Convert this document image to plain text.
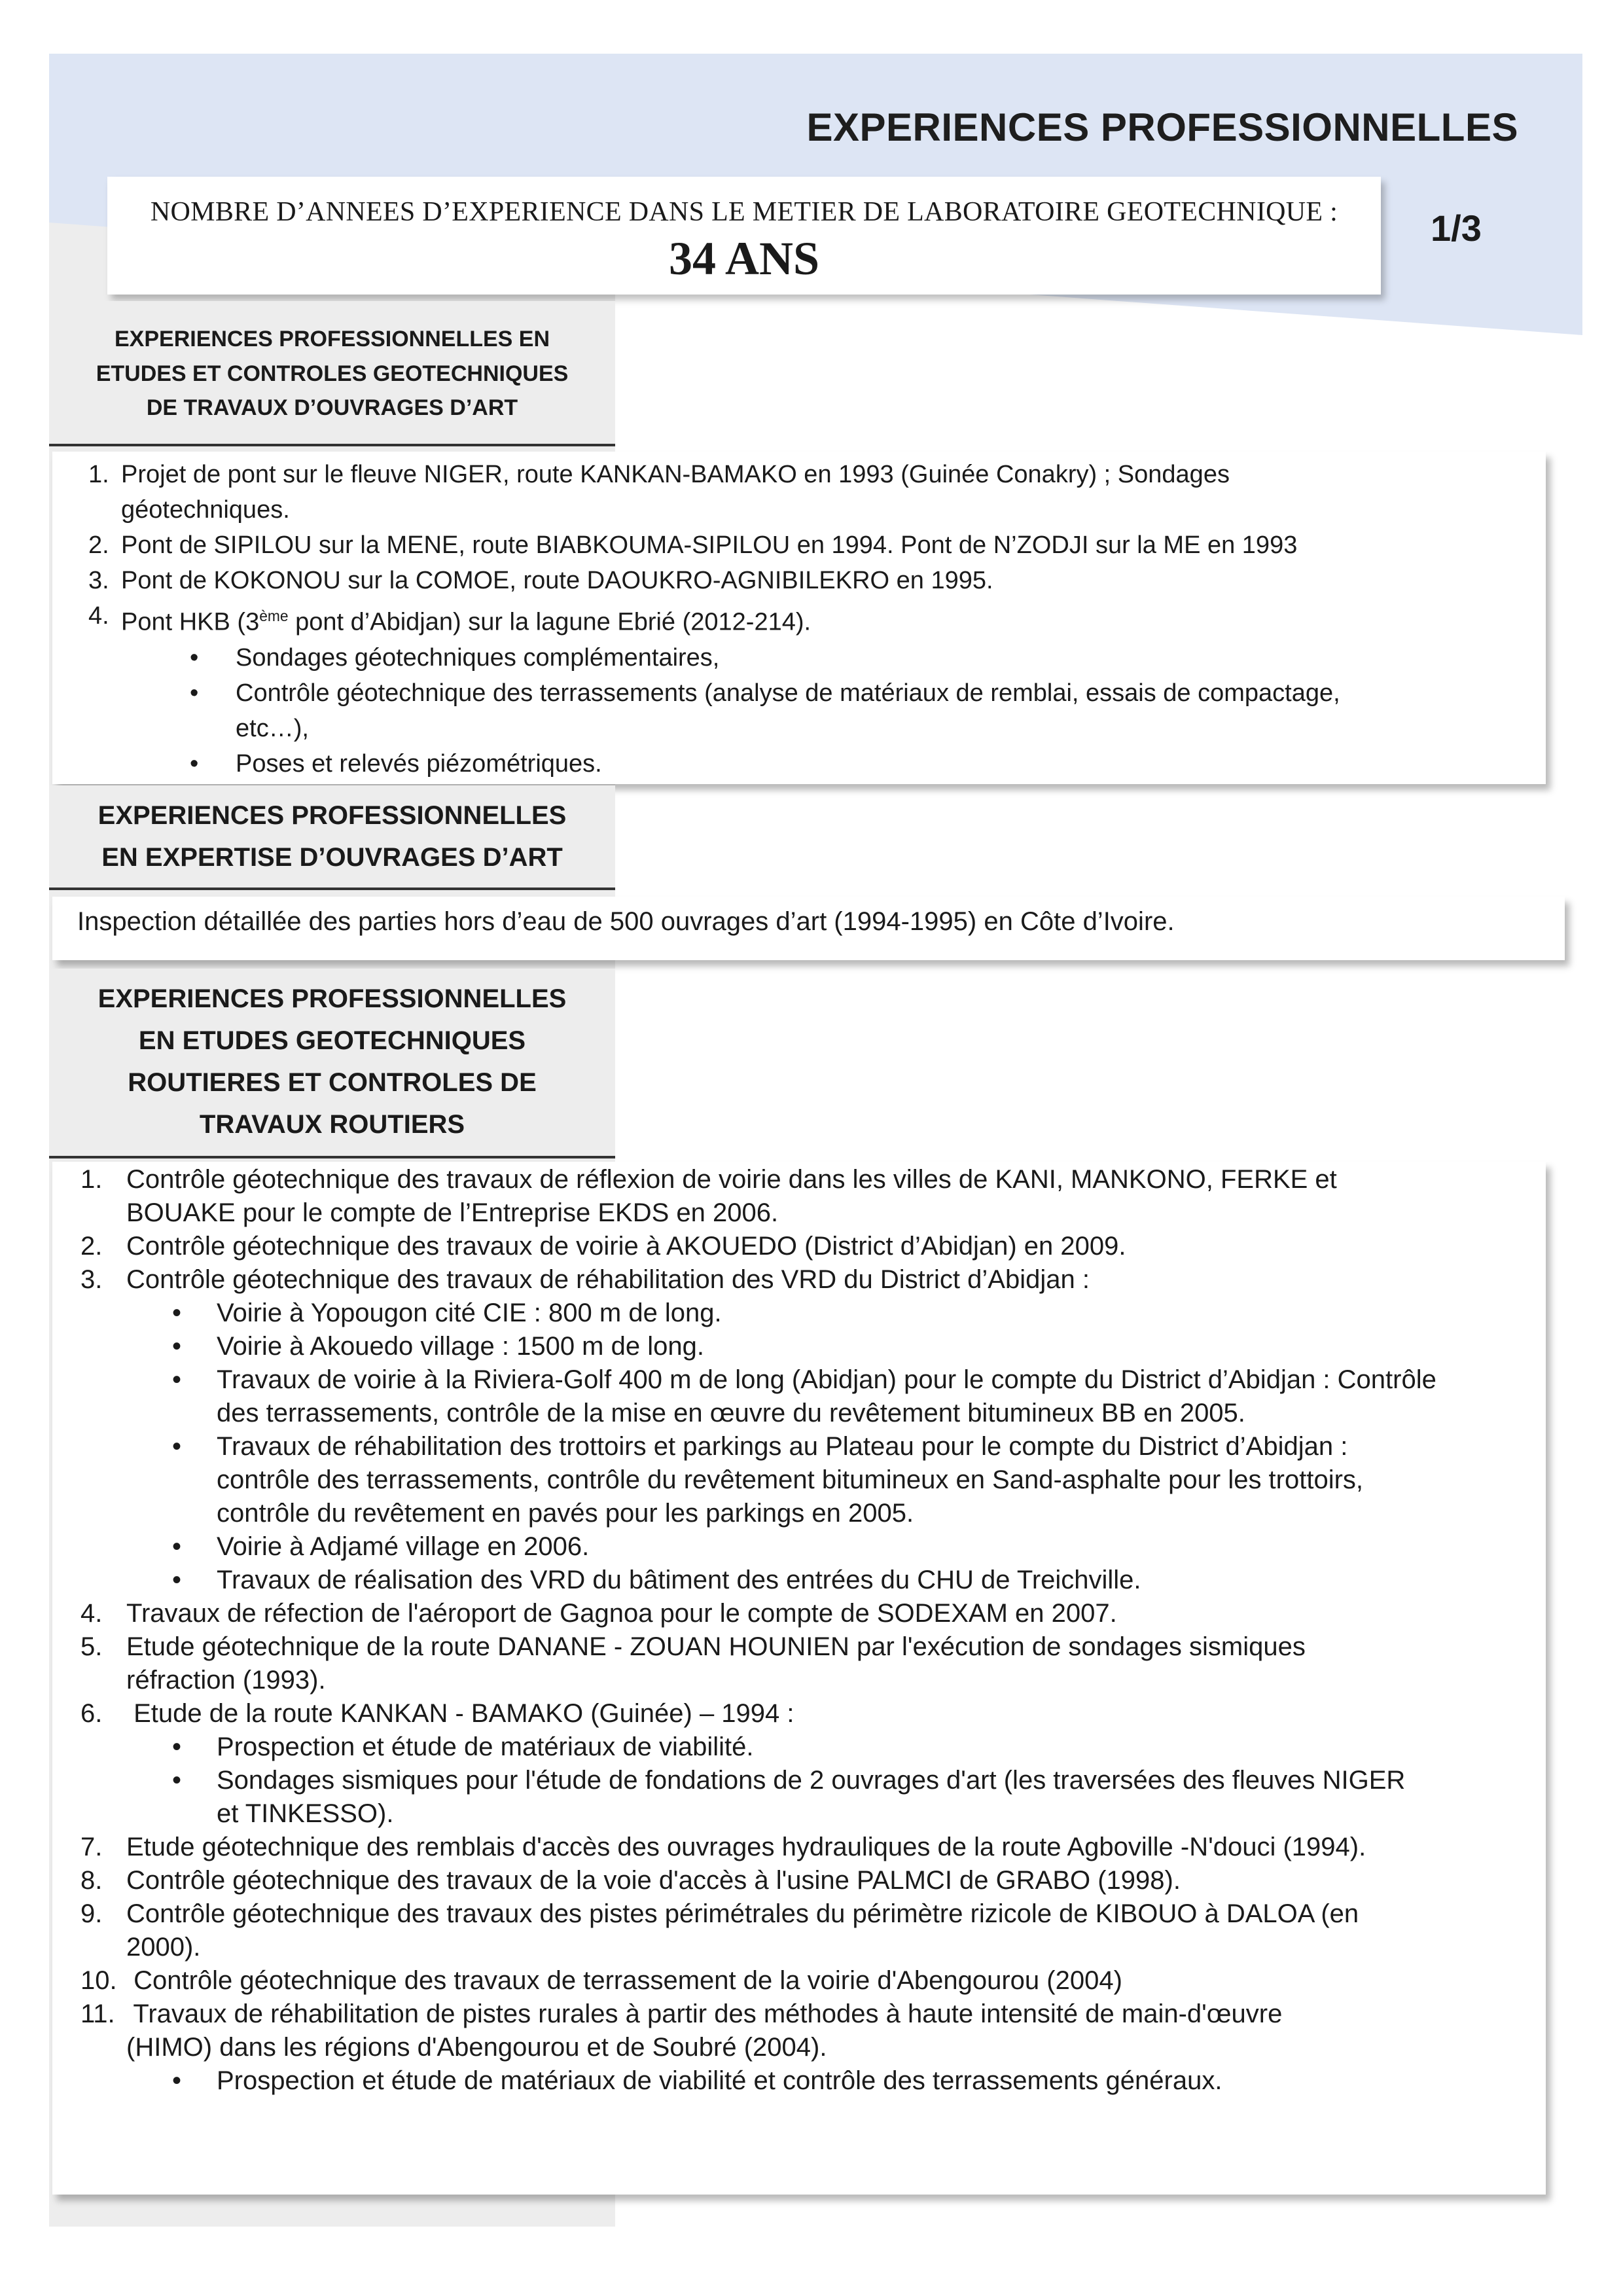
EXPERIENCES PROFESSIONNELLES
NOMBRE D’ANNEES D’EXPERIENCE DANS LE METIER DE LABORATOIRE GEOTECHNIQUE :
34 ANS
1/3
EXPERIENCES PROFESSIONNELLES EN
ETUDES ET CONTROLES GEOTECHNIQUES
DE TRAVAUX D’OUVRAGES D’ART
1. Projet de pont sur le fleuve NIGER, route KANKAN-BAMAKO en 1993 (Guinée Conakry) ; Sondages
géotechniques.
2. Pont de SIPILOU sur la MENE, route BIABKOUMA-SIPILOU en 1994. Pont de N’ZODJI sur la ME en 1993
3. Pont de KOKONOU sur la COMOE, route DAOUKRO-AGNIBILEKRO en 1995.
4. Pont HKB (3ème pont d’Abidjan) sur la lagune Ebrié (2012-214).
•	Sondages géotechniques complémentaires,
•	Contrôle géotechnique des terrassements (analyse de matériaux de remblai, essais de compactage,
etc…),
•	Poses et relevés piézométriques.
EXPERIENCES PROFESSIONNELLES
EN EXPERTISE D’OUVRAGES D’ART
Inspection détaillée des parties hors d’eau de 500 ouvrages d’art (1994-1995) en Côte d’Ivoire.
EXPERIENCES PROFESSIONNELLES
EN ETUDES GEOTECHNIQUES
ROUTIERES ET CONTROLES DE
TRAVAUX ROUTIERS
1. Contrôle géotechnique des travaux de réflexion de voirie dans les villes de KANI, MANKONO, FERKE et
BOUAKE pour le compte de l’Entreprise EKDS en 2006.
2. Contrôle géotechnique des travaux de voirie à AKOUEDO (District d’Abidjan) en 2009.
3. Contrôle géotechnique des travaux de réhabilitation des VRD du District d’Abidjan :
•	Voirie à Yopougon cité CIE : 800 m de long.
•	Voirie à Akouedo village : 1500 m de long.
•	Travaux de voirie à la Riviera-Golf 400 m de long (Abidjan) pour le compte du District d’Abidjan : Contrôle
des terrassements, contrôle de la mise en œuvre du revêtement bitumineux BB en 2005.
•	Travaux de réhabilitation des trottoirs et parkings au Plateau pour le compte du District d’Abidjan :
contrôle des terrassements, contrôle du revêtement bitumineux en Sand-asphalte pour les trottoirs,
contrôle du revêtement en pavés pour les parkings en 2005.
•	Voirie à Adjamé village en 2006.
•	Travaux de réalisation des VRD du bâtiment des entrées du CHU de Treichville.
4. Travaux de réfection de l'aéroport de Gagnoa pour le compte de SODEXAM en 2007.
5. Etude géotechnique de la route DANANE - ZOUAN HOUNIEN par l'exécution de sondages sismiques
réfraction (1993).
6. Etude de la route KANKAN - BAMAKO (Guinée) – 1994 :
•	Prospection et étude de matériaux de viabilité.
•	Sondages sismiques pour l'étude de fondations de 2 ouvrages d'art (les traversées des fleuves NIGER
et TINKESSO).
7. Etude géotechnique des remblais d'accès des ouvrages hydrauliques de la route Agboville -N'douci (1994).
8. Contrôle géotechnique des travaux de la voie d'accès à l'usine PALMCI de GRABO (1998).
9. Contrôle géotechnique des travaux des pistes périmétrales du périmètre rizicole de KIBOUO à DALOA (en
2000).
10. Contrôle géotechnique des travaux de terrassement de la voirie d'Abengourou (2004)
11. Travaux de réhabilitation de pistes rurales à partir des méthodes à haute intensité de main-d'œuvre
(HIMO) dans les régions d'Abengourou et de Soubré (2004).
•	Prospection et étude de matériaux de viabilité et contrôle des terrassements généraux.
